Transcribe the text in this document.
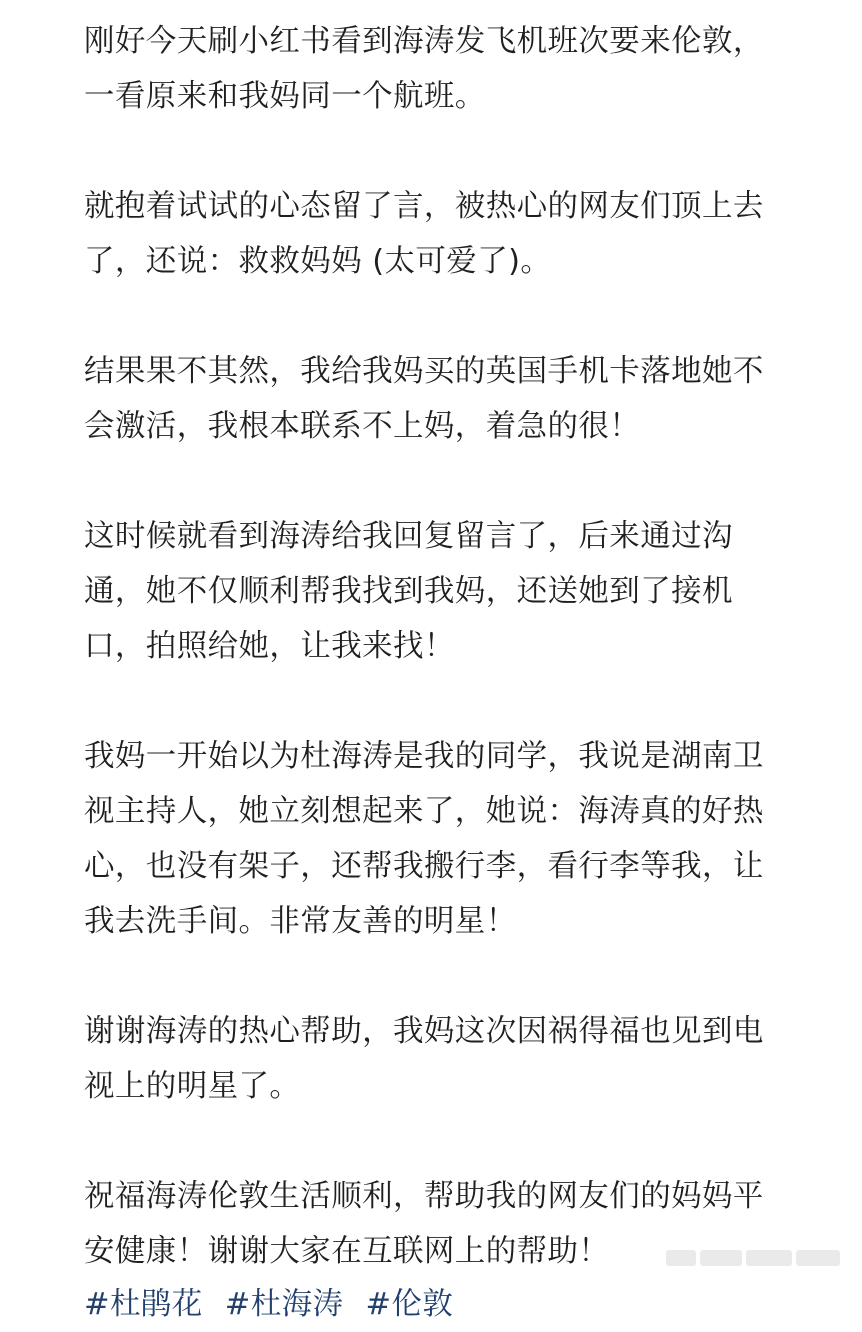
刚好今天刷小红书看到海涛发飞机班次要来伦敦，
一看原来和我妈同一个航班。
就抱着试试的心态留了言，被热心的网友们顶上去
了，还说：救救妈妈 (太可爱了)。
结果果不其然，我给我妈买的英国手机卡落地她不
会激活，我根本联系不上妈，着急的很！
这时候就看到海涛给我回复留言了，后来通过沟
通，她不仅顺利帮我找到我妈，还送她到了接机
口，拍照给她，让我来找！
我妈一开始以为杜海涛是我的同学，我说是湖南卫
视主持人，她立刻想起来了，她说：海涛真的好热
心，也没有架子，还帮我搬行李，看行李等我，让
我去洗手间。非常友善的明星！
谢谢海涛的热心帮助，我妈这次因祸得福也见到电
视上的明星了。
祝福海涛伦敦生活顺利，帮助我的网友们的妈妈平
安健康！谢谢大家在互联网上的帮助！
#杜鹃花 #杜海涛 #伦敦
